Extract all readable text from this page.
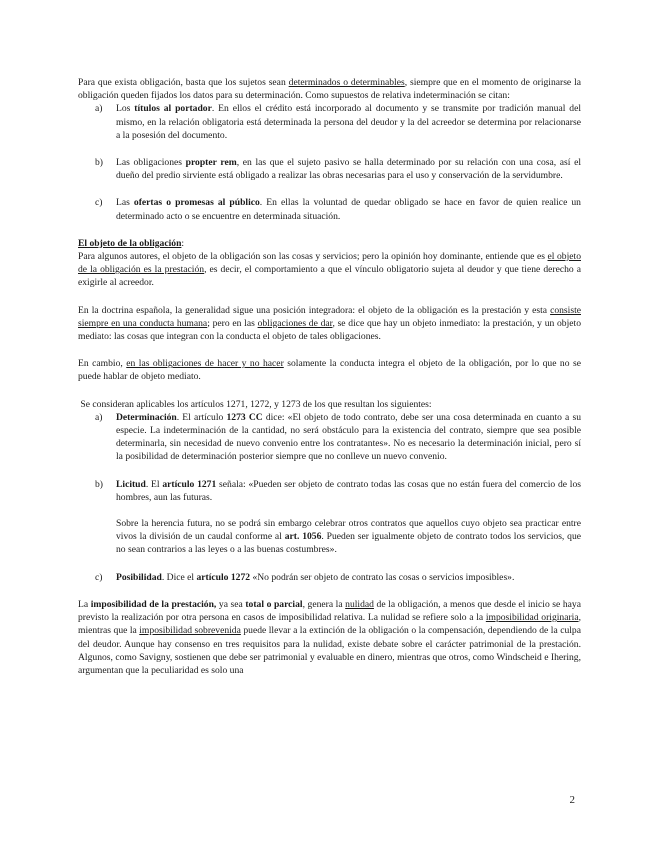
Para que exista obligación, basta que los sujetos sean determinados o determinables, siempre que en el momento de originarse la obligación queden fijados los datos para su determinación. Como supuestos de relativa indeterminación se citan:

a) Los títulos al portador. En ellos el crédito está incorporado al documento y se transmite por tradición manual del mismo, en la relación obligatoria está determinada la persona del deudor y la del acreedor se determina por relacionarse a la posesión del documento.
b) Las obligaciones propter rem, en las que el sujeto pasivo se halla determinado por su relación con una cosa, así el dueño del predio sirviente está obligado a realizar las obras necesarias para el uso y conservación de la servidumbre.
c) Las ofertas o promesas al público. En ellas la voluntad de quedar obligado se hace en favor de quien realice un determinado acto o se encuentre en determinada situación.

El objeto de la obligación:

Para algunos autores, el objeto de la obligación son las cosas y servicios; pero la opinión hoy dominante, entiende que es el objeto de la obligación es la prestación, es decir, el comportamiento a que el vínculo obligatorio sujeta al deudor y que tiene derecho a exigirle al acreedor.

En la doctrina española, la generalidad sigue una posición integradora: el objeto de la obligación es la prestación y esta consiste siempre en una conducta humana; pero en las obligaciones de dar, se dice que hay un objeto inmediato: la prestación, y un objeto mediato: las cosas que integran con la conducta el objeto de tales obligaciones.

En cambio, en las obligaciones de hacer y no hacer solamente la conducta integra el objeto de la obligación, por lo que no se puede hablar de objeto mediato.

Se consideran aplicables los artículos 1271, 1272, y 1273 de los que resultan los siguientes:

a) Determinación. El artículo 1273 CC dice: «El objeto de todo contrato, debe ser una cosa determinada en cuanto a su especie. La indeterminación de la cantidad, no será obstáculo para la existencia del contrato, siempre que sea posible determinarla, sin necesidad de nuevo convenio entre los contratantes». No es necesario la determinación inicial, pero sí la posibilidad de determinación posterior siempre que no conlleve un nuevo convenio.
b) Licitud. El artículo 1271 señala: «Pueden ser objeto de contrato todas las cosas que no están fuera del comercio de los hombres, aun las futuras.

Sobre la herencia futura, no se podrá sin embargo celebrar otros contratos que aquellos cuyo objeto sea practicar entre vivos la división de un caudal conforme al art. 1056. Pueden ser igualmente objeto de contrato todos los servicios, que no sean contrarios a las leyes o a las buenas costumbres».

c) Posibilidad. Dice el artículo 1272 «No podrán ser objeto de contrato las cosas o servicios imposibles».

La imposibilidad de la prestación, ya sea total o parcial, genera la nulidad de la obligación, a menos que desde el inicio se haya previsto la realización por otra persona en casos de imposibilidad relativa. La nulidad se refiere solo a la imposibilidad originaria, mientras que la imposibilidad sobrevenida puede llevar a la extinción de la obligación o la compensación, dependiendo de la culpa del deudor. Aunque hay consenso en tres requisitos para la nulidad, existe debate sobre el carácter patrimonial de la prestación. Algunos, como Savigny, sostienen que debe ser patrimonial y evaluable en dinero, mientras que otros, como Windscheid e Ihering, argumentan que la peculiaridad es solo una

2
